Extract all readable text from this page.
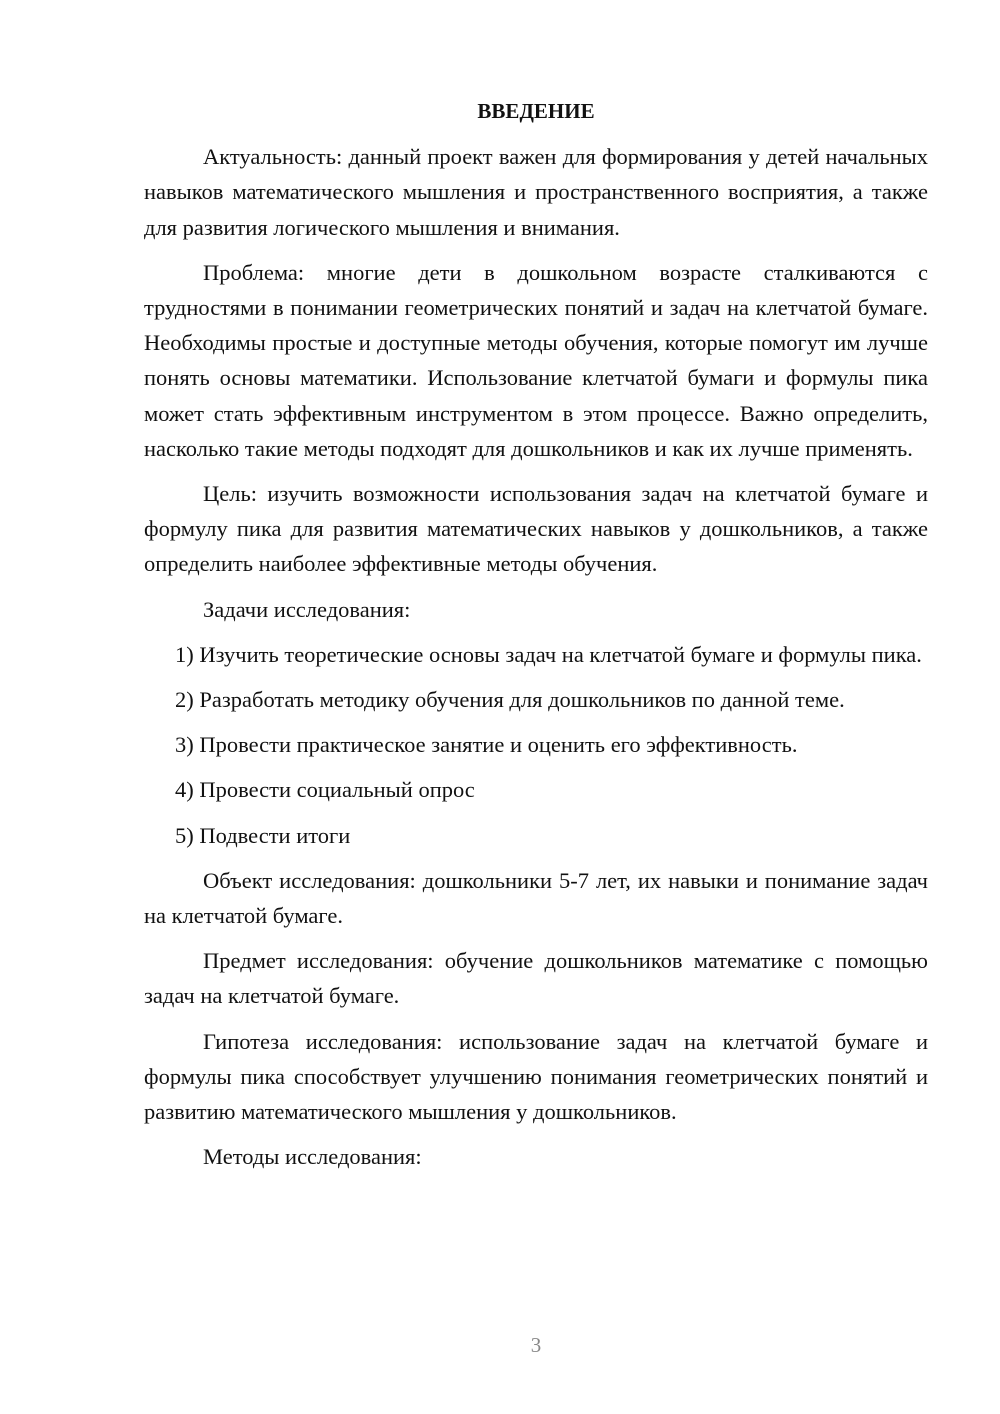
ВВЕДЕНИЕ

Актуальность: данный проект важен для формирования у детей начальных навыков математического мышления и пространственного восприятия, а также для развития логического мышления и внимания.

Проблема: многие дети в дошкольном возрасте сталкиваются с трудностями в понимании геометрических понятий и задач на клетчатой бумаге. Необходимы простые и доступные методы обучения, которые помогут им лучше понять основы математики. Использование клетчатой бумаги и формулы пика может стать эффективным инструментом в этом процессе. Важно определить, насколько такие методы подходят для дошкольников и как их лучше применять.

Цель: изучить возможности использования задач на клетчатой бумаге и формулу пика для развития математических навыков у дошкольников, а также определить наиболее эффективные методы обучения.

Задачи исследования:

1) Изучить теоретические основы задач на клетчатой бумаге и формулы пика.

2) Разработать методику обучения для дошкольников по данной теме.

3) Провести практическое занятие и оценить его эффективность.

4) Провести социальный опрос

5) Подвести итоги

Объект исследования: дошкольники 5-7 лет, их навыки и понимание задач на клетчатой бумаге.

Предмет исследования: обучение дошкольников математике с помощью задач на клетчатой бумаге.

Гипотеза исследования: использование задач на клетчатой бумаге и формулы пика способствует улучшению понимания геометрических понятий и развитию математического мышления у дошкольников.

Методы исследования:

3
